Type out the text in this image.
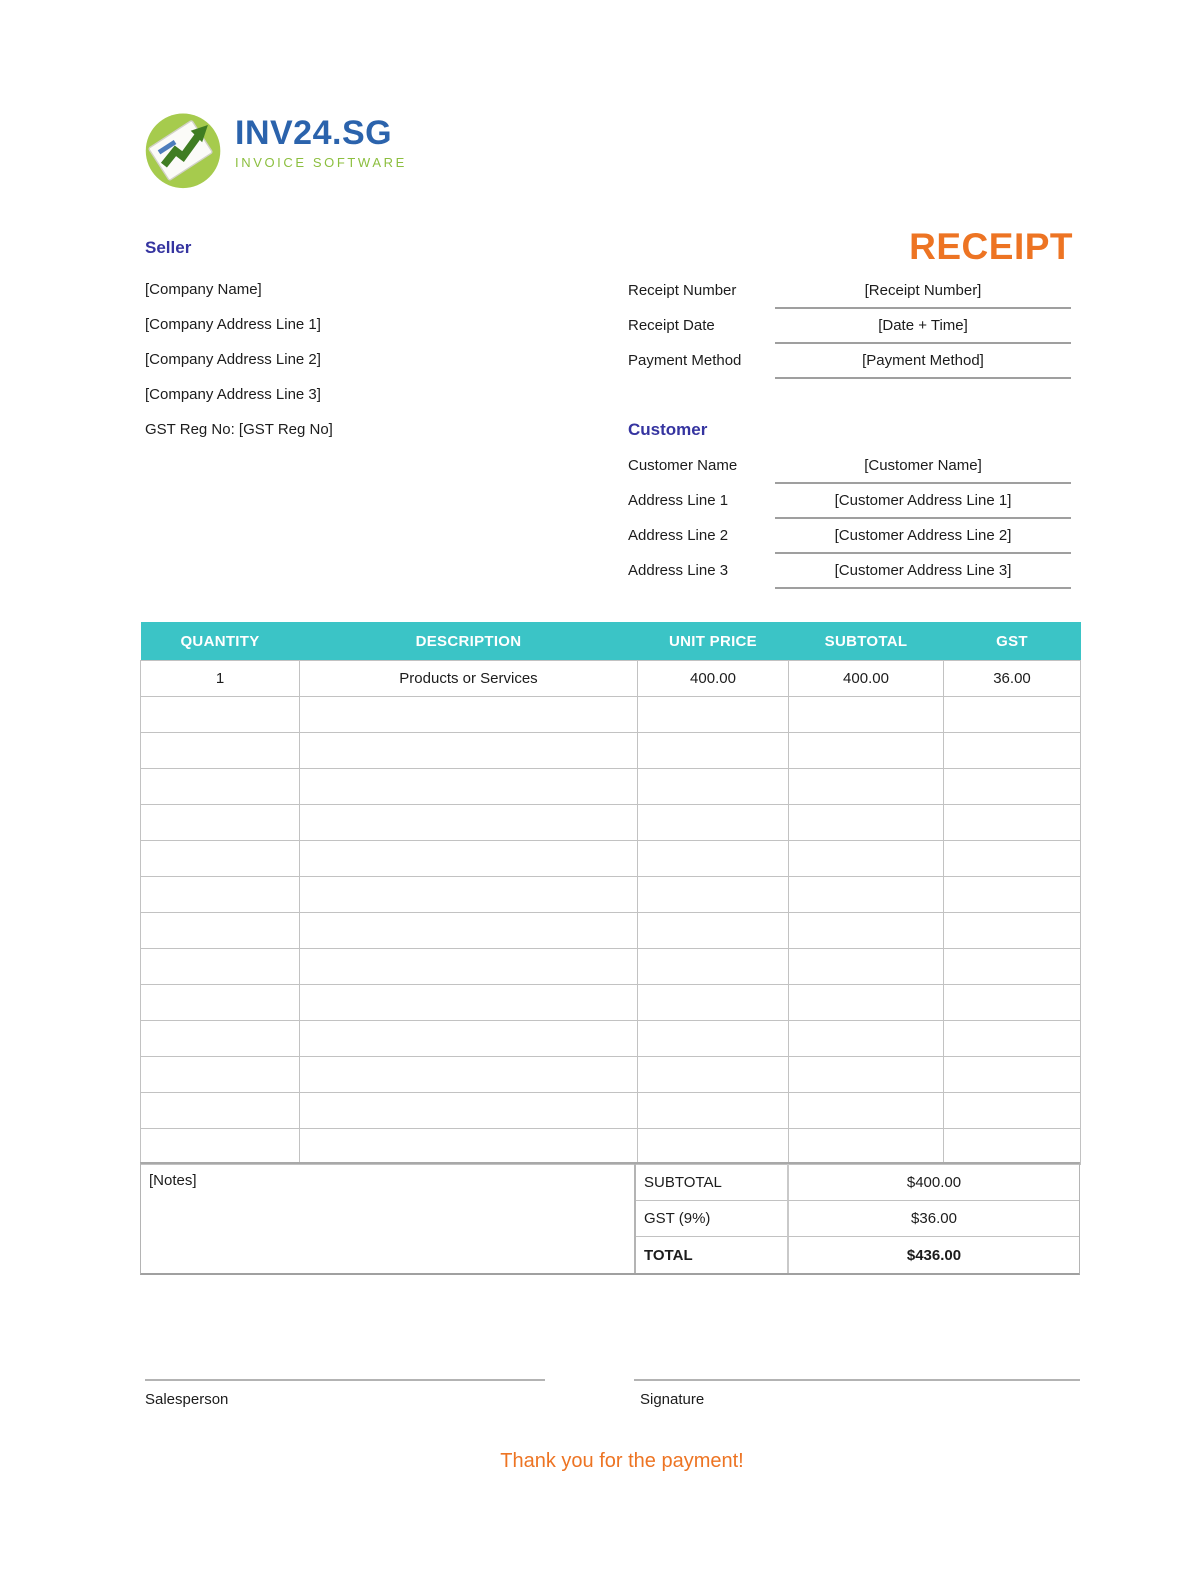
INV24.SG
INVOICE SOFTWARE
RECEIPT
Seller
[Company Name]
[Company Address Line 1]
[Company Address Line 2]
[Company Address Line 3]
GST Reg No: [GST Reg No]
Receipt Number	[Receipt Number]
Receipt Date	[Date + Time]
Payment Method	[Payment Method]
Customer
Customer Name	[Customer Name]
Address Line 1	[Customer Address Line 1]
Address Line 2	[Customer Address Line 2]
Address Line 3	[Customer Address Line 3]
QUANTITY	DESCRIPTION	UNIT PRICE	SUBTOTAL	GST
1	Products or Services	400.00	400.00	36.00

[Notes]	SUBTOTAL	$400.00
GST (9%)	$36.00
TOTAL	$436.00
Salesperson	Signature
Thank you for the payment!
